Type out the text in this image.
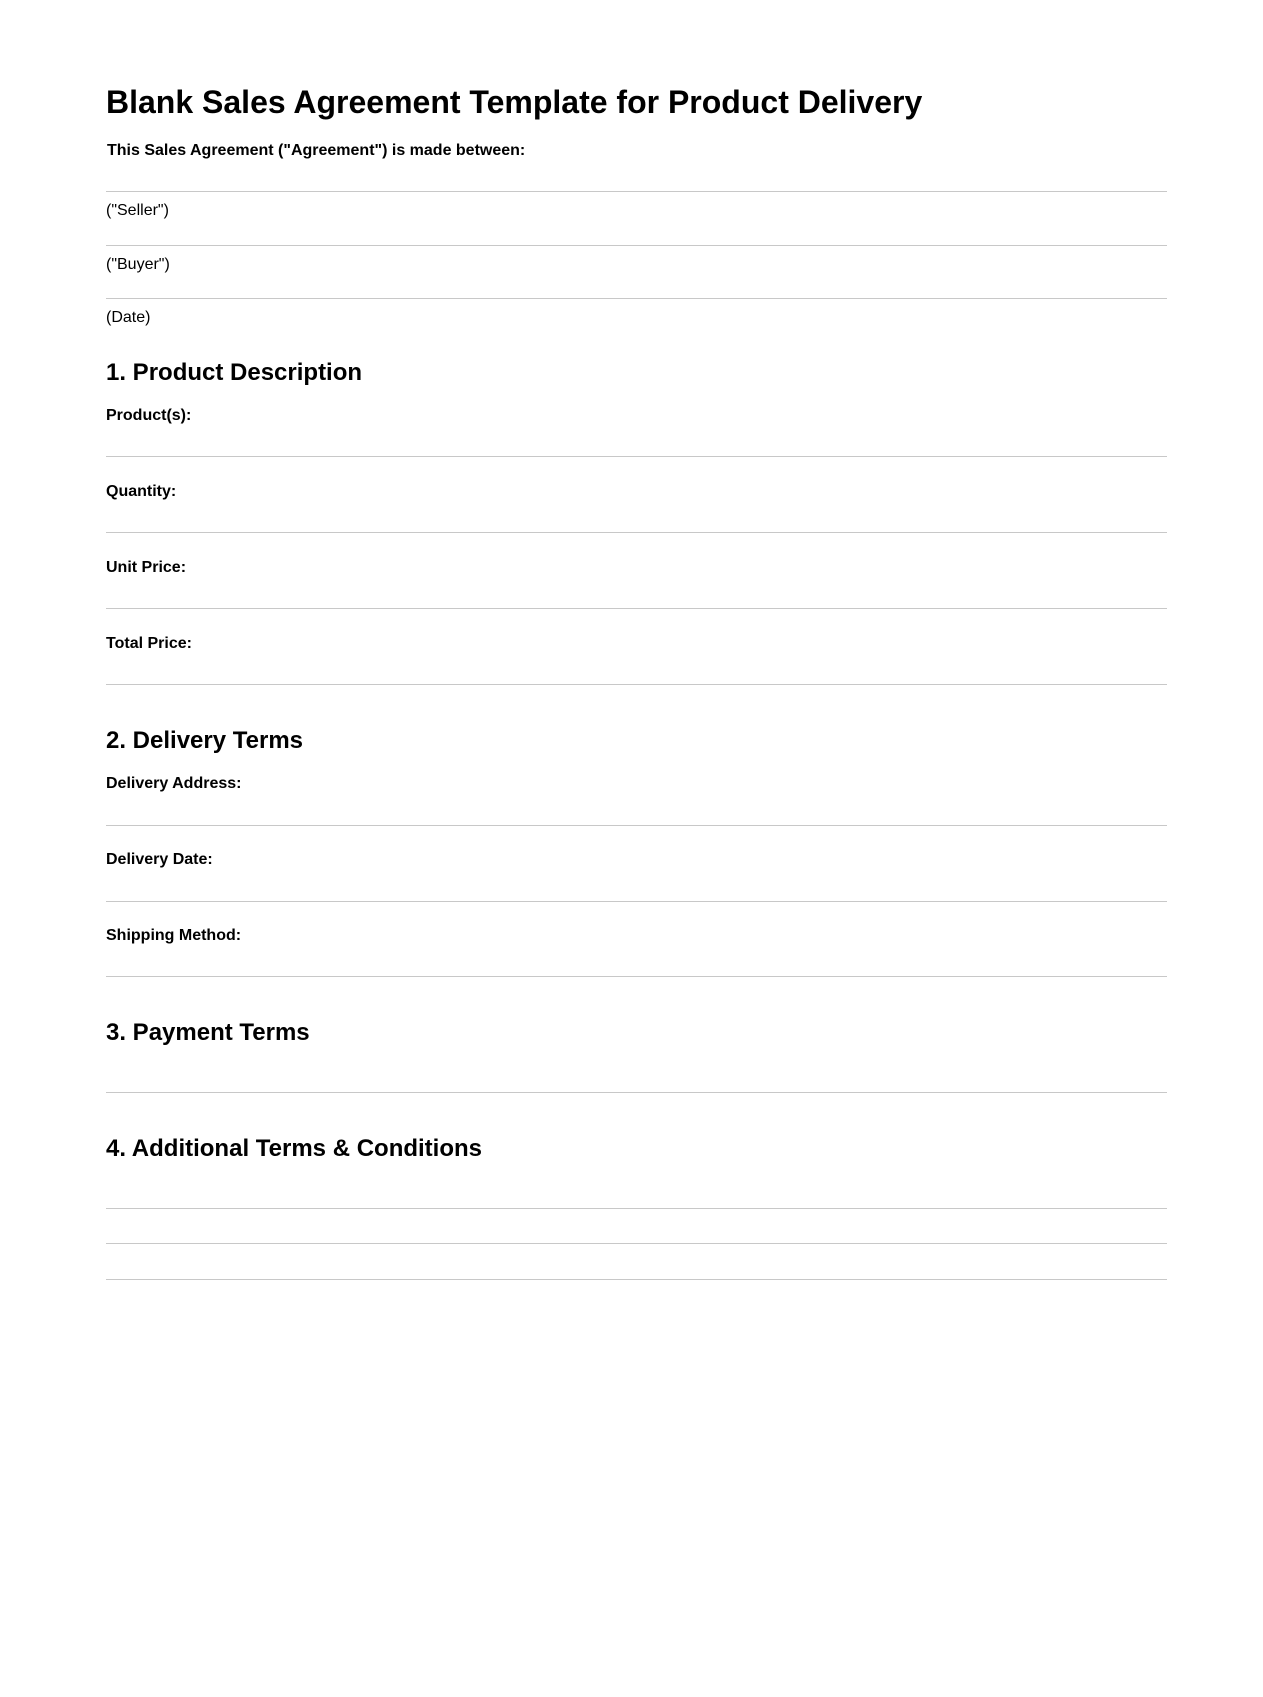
Blank Sales Agreement Template for Product Delivery
This Sales Agreement ("Agreement") is made between:
("Seller")
("Buyer")
(Date)
1. Product Description
Product(s):
Quantity:
Unit Price:
Total Price:
2. Delivery Terms
Delivery Address:
Delivery Date:
Shipping Method:
3. Payment Terms
4. Additional Terms & Conditions
